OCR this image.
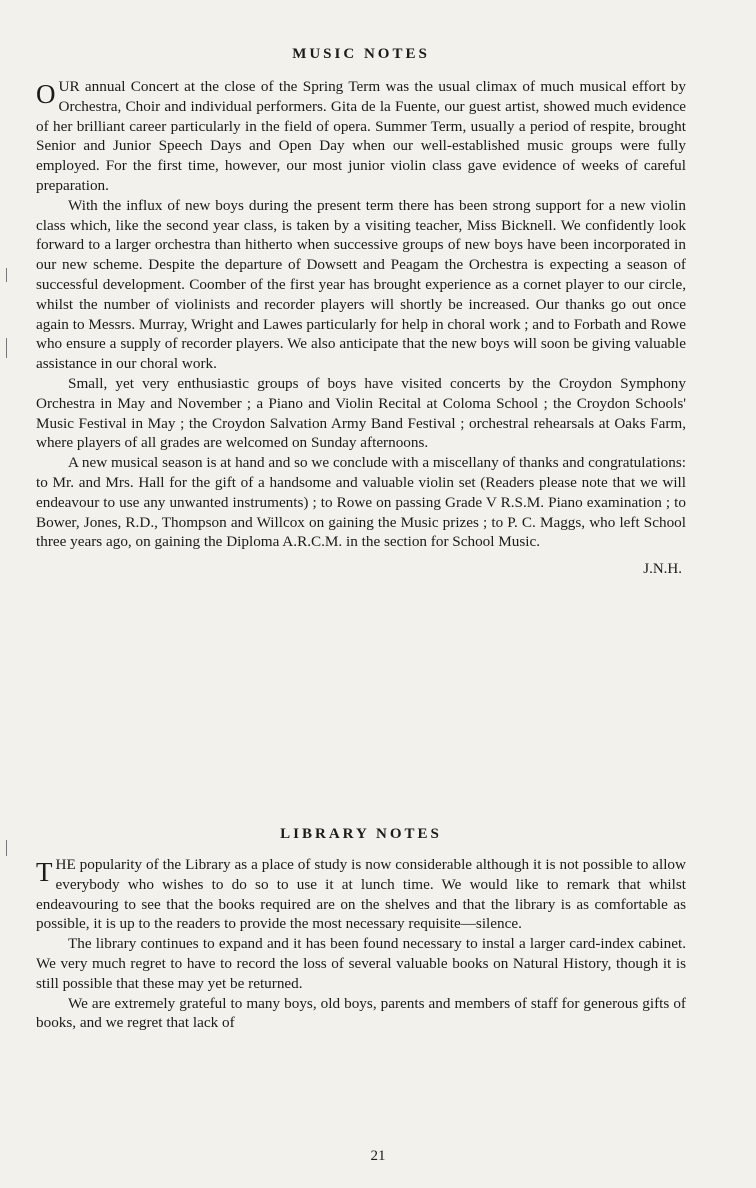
MUSIC NOTES

OUR annual Concert at the close of the Spring Term was the usual climax of much musical effort by Orchestra, Choir and individual performers. Gita de la Fuente, our guest artist, showed much evidence of her brilliant career particularly in the field of opera. Summer Term, usually a period of respite, brought Senior and Junior Speech Days and Open Day when our well-established music groups were fully employed. For the first time, however, our most junior violin class gave evidence of weeks of careful preparation.

With the influx of new boys during the present term there has been strong support for a new violin class which, like the second year class, is taken by a visiting teacher, Miss Bicknell. We confidently look forward to a larger orchestra than hitherto when successive groups of new boys have been incorporated in our new scheme. Despite the departure of Dowsett and Peagam the Orchestra is expecting a season of successful development. Coomber of the first year has brought experience as a cornet player to our circle, whilst the number of violinists and recorder players will shortly be increased. Our thanks go out once again to Messrs. Murray, Wright and Lawes particularly for help in choral work ; and to Forbath and Rowe who ensure a supply of recorder players. We also anticipate that the new boys will soon be giving valuable assistance in our choral work.

Small, yet very enthusiastic groups of boys have visited concerts by the Croydon Symphony Orchestra in May and November ; a Piano and Violin Recital at Coloma School ; the Croydon Schools' Music Festival in May ; the Croydon Salvation Army Band Festival ; orchestral rehearsals at Oaks Farm, where players of all grades are welcomed on Sunday afternoons.

A new musical season is at hand and so we conclude with a miscellany of thanks and congratulations: to Mr. and Mrs. Hall for the gift of a handsome and valuable violin set (Readers please note that we will endeavour to use any unwanted instruments) ; to Rowe on passing Grade V R.S.M. Piano examination ; to Bower, Jones, R.D., Thompson and Willcox on gaining the Music prizes ; to P. C. Maggs, who left School three years ago, on gaining the Diploma A.R.C.M. in the section for School Music.

J.N.H.
LIBRARY NOTES

THE popularity of the Library as a place of study is now considerable although it is not possible to allow everybody who wishes to do so to use it at lunch time. We would like to remark that whilst endeavouring to see that the books required are on the shelves and that the library is as comfortable as possible, it is up to the readers to provide the most necessary requisite—silence.

The library continues to expand and it has been found necessary to instal a larger card-index cabinet. We very much regret to have to record the loss of several valuable books on Natural History, though it is still possible that these may yet be returned.

We are extremely grateful to many boys, old boys, parents and members of staff for generous gifts of books, and we regret that lack of

21
